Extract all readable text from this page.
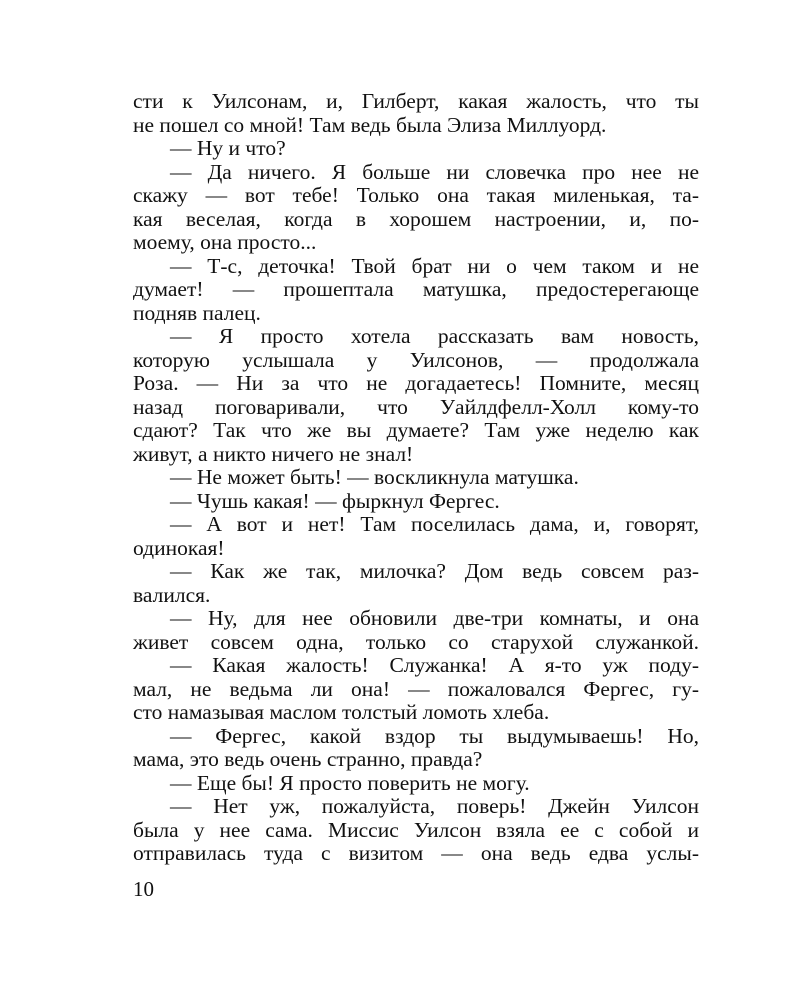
сти к Уилсонам, и, Гилберт, какая жалость, что ты
не пошел со мной! Там ведь была Элиза Миллуорд.
— Ну и что?
— Да ничего. Я больше ни словечка про нее не
скажу — вот тебе! Только она такая миленькая, та-
кая веселая, когда в хорошем настроении, и, по-
моему, она просто...
— Т-с, деточка! Твой брат ни о чем таком и не
думает! — прошептала матушка, предостерегающе
подняв палец.
— Я просто хотела рассказать вам новость,
которую услышала у Уилсонов, — продолжала
Роза. — Ни за что не догадаетесь! Помните, месяц
назад поговаривали, что Уайлдфелл-Холл кому-то
сдают? Так что же вы думаете? Там уже неделю как
живут, а никто ничего не знал!
— Не может быть! — воскликнула матушка.
— Чушь какая! — фыркнул Фергес.
— А вот и нет! Там поселилась дама, и, говорят,
одинокая!
— Как же так, милочка? Дом ведь совсем раз-
валился.
— Ну, для нее обновили две-три комнаты, и она
живет совсем одна, только со старухой служанкой.
— Какая жалость! Служанка! А я-то уж поду-
мал, не ведьма ли она! — пожаловался Фергес, гу-
сто намазывая маслом толстый ломоть хлеба.
— Фергес, какой вздор ты выдумываешь! Но,
мама, это ведь очень странно, правда?
— Еще бы! Я просто поверить не могу.
— Нет уж, пожалуйста, поверь! Джейн Уилсон
была у нее сама. Миссис Уилсон взяла ее с собой и
отправилась туда с визитом — она ведь едва услы-
10
